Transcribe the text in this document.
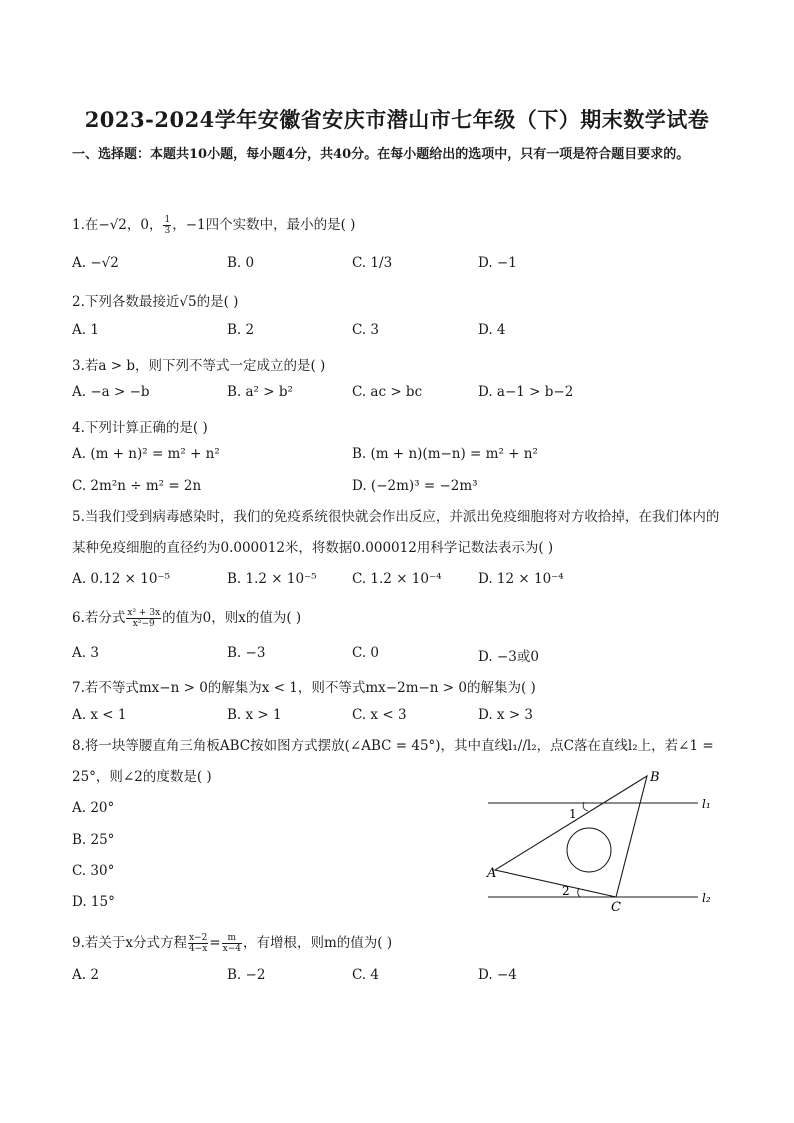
2023-2024学年安徽省安庆市潜山市七年级（下）期末数学试卷
一、选择题：本题共10小题，每小题4分，共40分。在每小题给出的选项中，只有一项是符合题目要求的。
1.在−√2，0， $\frac{1}{3}$ ，−1四个实数中，最小的是( )
A. −√2	B. 0	C. 1/3	D. −1
2.下列各数最接近√5的是( )
A. 1	B. 2	C. 3	D. 4
3.若a > b，则下列不等式一定成立的是( )
A. −a > −b	B. a² > b²	C. ac > bc	D. a−1 > b−2
4.下列计算正确的是( )
A. (m + n)² = m² + n²	B. (m + n)(m−n) = m² + n²
C. 2m²n ÷ m² = 2n	D. (−2m)³ = −2m³
5.当我们受到病毒感染时，我们的免疫系统很快就会作出反应，并派出免疫细胞将对方收拾掉，在我们体内的某种免疫细胞的直径约为0.000012米，将数据0.000012用科学记数法表示为( )
A. 0.12 × 10⁻⁵	B. 1.2 × 10⁻⁵	C. 1.2 × 10⁻⁴	D. 12 × 10⁻⁴
6.若分式 $\frac{\text{x² + 3x}}{\text{x²−9}}$ 的值为0，则x的值为( )
A. 3	B. −3	C. 0	D. −3或0
7.若不等式mx−n > 0的解集为x < 1，则不等式mx−2m−n > 0的解集为( )
A. x < 1	B. x > 1	C. x < 3	D. x > 3
8.将一块等腰直角三角板ABC按如图方式摆放(∠ABC = 45°)，其中直线l₁//l₂，点C落在直线l₂上，若∠1 = 25°，则∠2的度数是( )
A. 20°
B. 25°
C. 30°
D. 15°
B
A
C
1
2
l₁
l₂
9.若关于x分式方程 $\frac{x-2}{4-x} = \frac{m}{x-4}$ ，有增根，则m的值为( )
A. 2	B. −2	C. 4	D. −4
